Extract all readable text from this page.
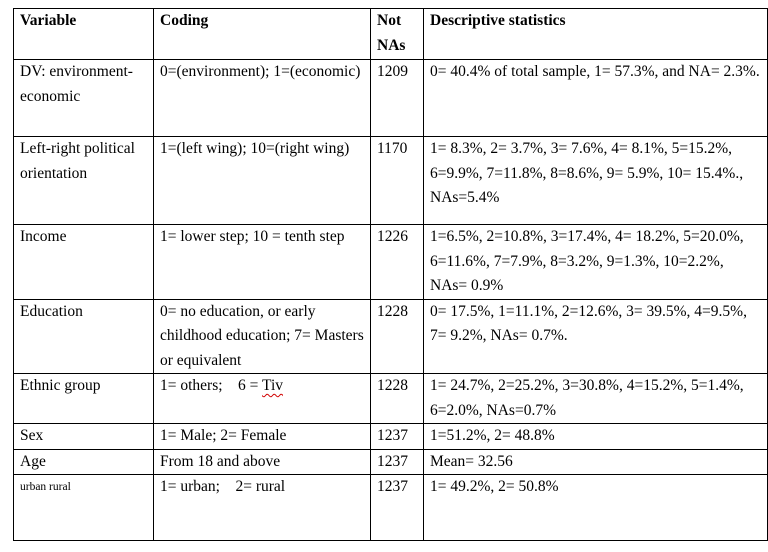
Variable	Coding	Not NAs	Descriptive statistics
DV: environment-economic	0=(environment); 1=(economic)	1209	0= 40.4% of total sample, 1= 57.3%, and NA= 2.3%.
Left-right political orientation	1=(left wing); 10=(right wing)	1170	1= 8.3%, 2= 3.7%, 3= 7.6%, 4= 8.1%, 5=15.2%, 6=9.9%, 7=11.8%, 8=8.6%, 9= 5.9%, 10= 15.4%., NAs=5.4%
Income	1= lower step; 10 = tenth step	1226	1=6.5%, 2=10.8%, 3=17.4%, 4= 18.2%, 5=20.0%, 6=11.6%, 7=7.9%, 8=3.2%, 9=1.3%, 10=2.2%, NAs= 0.9%
Education	0= no education, or early childhood education; 7= Masters or equivalent	1228	0= 17.5%, 1=11.1%, 2=12.6%, 3= 39.5%, 4=9.5%, 7= 9.2%, NAs= 0.7%.
Ethnic group	1= others;    6 = Tiv	1228	1= 24.7%, 2=25.2%, 3=30.8%, 4=15.2%, 5=1.4%, 6=2.0%, NAs=0.7%
Sex	1= Male; 2= Female	1237	1=51.2%, 2= 48.8%
Age	From 18 and above	1237	Mean= 32.56
urban rural	1= urban;    2= rural	1237	1= 49.2%, 2= 50.8%
